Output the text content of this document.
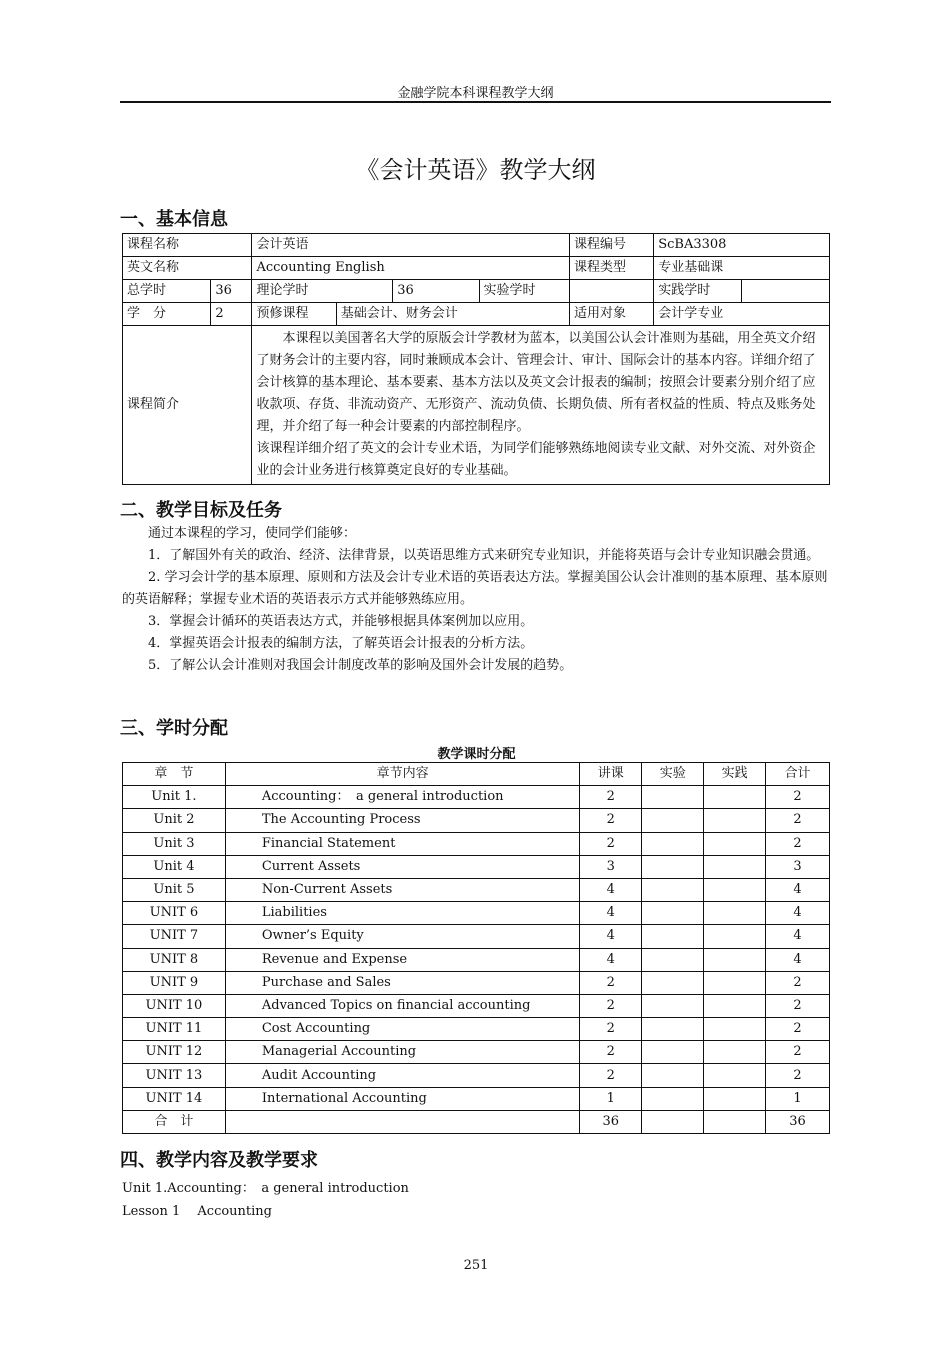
金融学院本科课程教学大纲
《会计英语》教学大纲
一、基本信息
课程名称		会计英语				课程编号	ScBA3308	
英文名称		Accounting English				课程类型	专业基础课	
总学时	36	理论学时		36	实验学时		实践学时	
学　分	2	预修课程	基础会计、财务会计			适用对象	会计学专业	
课程简介		本课程以美国著名大学的原版会计学教材为蓝本，以美国公认会计准则为基础，用全英文介绍了财务会计的主要内容，同时兼顾成本会计、管理会计、审计、国际会计的基本内容。详细介绍了会计核算的基本理论、基本要素、基本方法以及英文会计报表的编制；按照会计要素分别介绍了应收款项、存货、非流动资产、无形资产、流动负债、长期负债、所有者权益的性质、特点及账务处理，并介绍了每一种会计要素的内部控制程序。
该课程详细介绍了英文的会计专业术语，为同学们能够熟练地阅读专业文献、对外交流、对外资企业的会计业务进行核算奠定良好的专业基础。						
二、教学目标及任务
通过本课程的学习，使同学们能够：
1．了解国外有关的政治、经济、法律背景，以英语思维方式来研究专业知识，并能将英语与会计专业知识融会贯通。
2. 学习会计学的基本原理、原则和方法及会计专业术语的英语表达方法。掌握美国公认会计准则的基本原理、基本原则的英语解释；掌握专业术语的英语表示方式并能够熟练应用。
3．掌握会计循环的英语表达方式，并能够根据具体案例加以应用。
4．掌握英语会计报表的编制方法，了解英语会计报表的分析方法。
5．了解公认会计准则对我国会计制度改革的影响及国外会计发展的趋势。
三、学时分配
教学课时分配
章　节	章节内容	讲课	实验	实践	合计
Unit 1.	Accounting：　a general introduction	2			2
Unit 2	The Accounting Process	2			2
Unit 3	Financial Statement	2			2
Unit 4	Current Assets	3			3
Unit 5	Non-Current Assets	4			4
UNIT 6	Liabilities	4			4
UNIT 7	Owner’s Equity	4			4
UNIT 8	Revenue and Expense	4			4
UNIT 9	Purchase and Sales	2			2
UNIT 10	Advanced Topics on financial accounting	2			2
UNIT 11	Cost Accounting	2			2
UNIT 12	Managerial Accounting	2			2
UNIT 13	Audit Accounting	2			2
UNIT 14	International Accounting	1			1
合　计		36			36
四、教学内容及教学要求
Unit 1.Accounting：　a general introduction
Lesson 1　 Accounting
251
